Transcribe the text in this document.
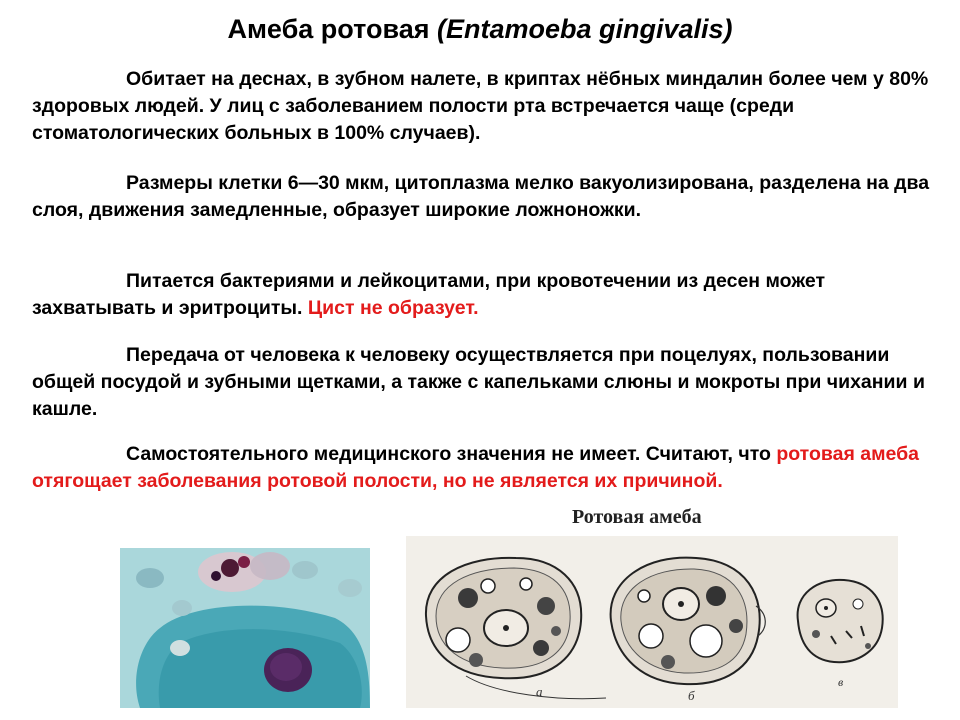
Амеба ротовая (Entamoeba gingivalis)
Обитает на деснах, в зубном налете, в криптах нёбных миндалин более чем у 80% здоровых людей. У лиц с заболеванием полости рта встречается чаще (среди стоматологических больных в 100% случаев).
Размеры клетки 6—30 мкм, цитоплазма мелко вакуолизирована, разделена на два слоя, движения замедленные, образует широкие ложноножки.
Питается бактериями и лейкоцитами, при кровотечении из десен может захватывать и эритроциты. Цист не образует.
Передача от человека к человеку осуществляется при поцелуях, пользовании общей посудой и зубными щетками, а также с капельками слюны и мокроты при чихании и кашле.
Самостоятельного медицинского значения не имеет. Считают, что ротовая амеба отягощает заболевания ротовой полости, но не является их причиной.
Ротовая амеба
а	б
в
